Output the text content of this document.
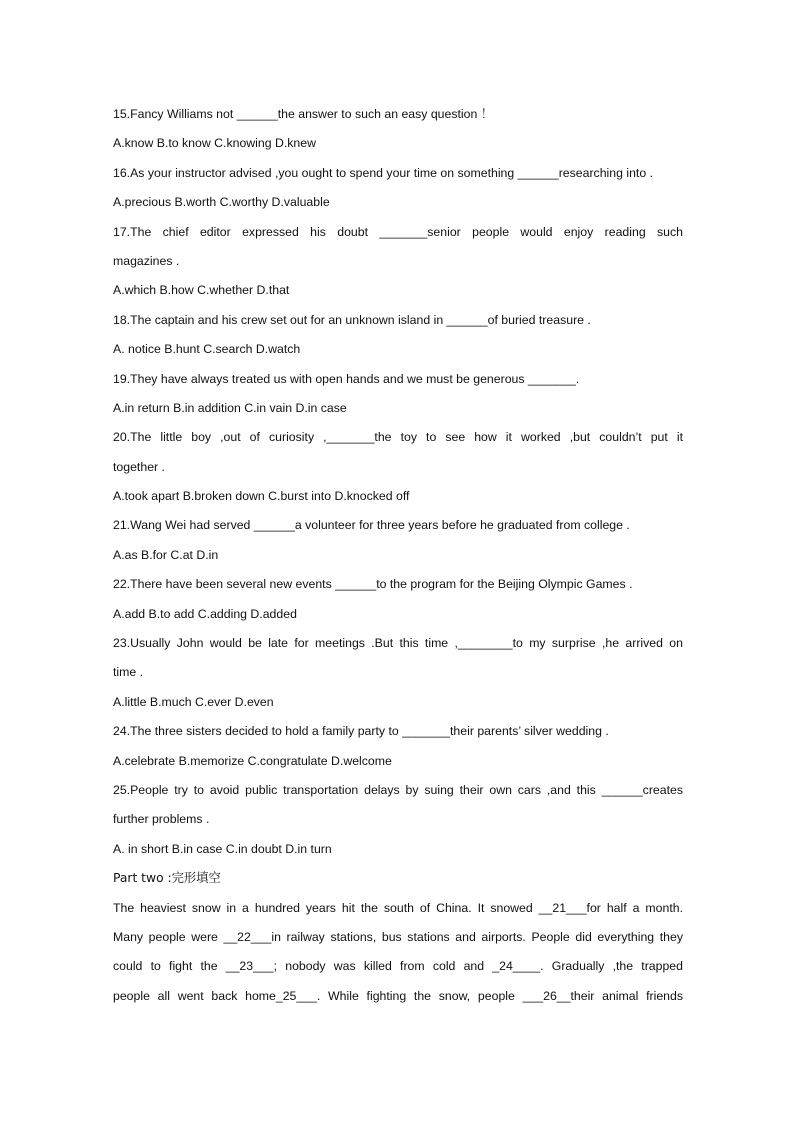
15.Fancy Williams not ______the answer to such an easy question ！
A.know B.to know C.knowing D.knew
16.As your instructor advised ,you ought to spend your time on something ______researching into .
A.precious B.worth C.worthy D.valuable
17.The chief editor expressed his doubt _______senior people would enjoy reading such
magazines .
A.which B.how C.whether D.that
18.The captain and his crew set out for an unknown island in ______of buried treasure .
A. notice B.hunt C.search D.watch
19.They have always treated us with open hands and we must be generous _______.
A.in return B.in addition C.in vain D.in case
20.The little boy ,out of curiosity ,_______the toy to see how it worked ,but couldn’t put it
together .
A.took apart B.broken down C.burst into D.knocked off
21.Wang Wei had served ______a volunteer for three years before he graduated from college .
A.as B.for C.at D.in
22.There have been several new events ______to the program for the Beijing Olympic Games .
A.add B.to add C.adding D.added
23.Usually John would be late for meetings .But this time ,________to my surprise ,he arrived on
time .
A.little B.much C.ever D.even
24.The three sisters decided to hold a family party to _______their parents’ silver wedding .
A.celebrate B.memorize C.congratulate D.welcome
25.People try to avoid public transportation delays by suing their own cars ,and this ______creates
further problems .
A. in short B.in case C.in doubt D.in turn
Part two :完形填空
The heaviest snow in a hundred years hit the south of China. It snowed __21___for half a month.
Many people were __22___in railway stations, bus stations and airports. People did everything they
could to fight the __23___; nobody was killed from cold and _24____. Gradually ,the trapped
people all went back home_25___. While fighting the snow, people ___26__their animal friends
